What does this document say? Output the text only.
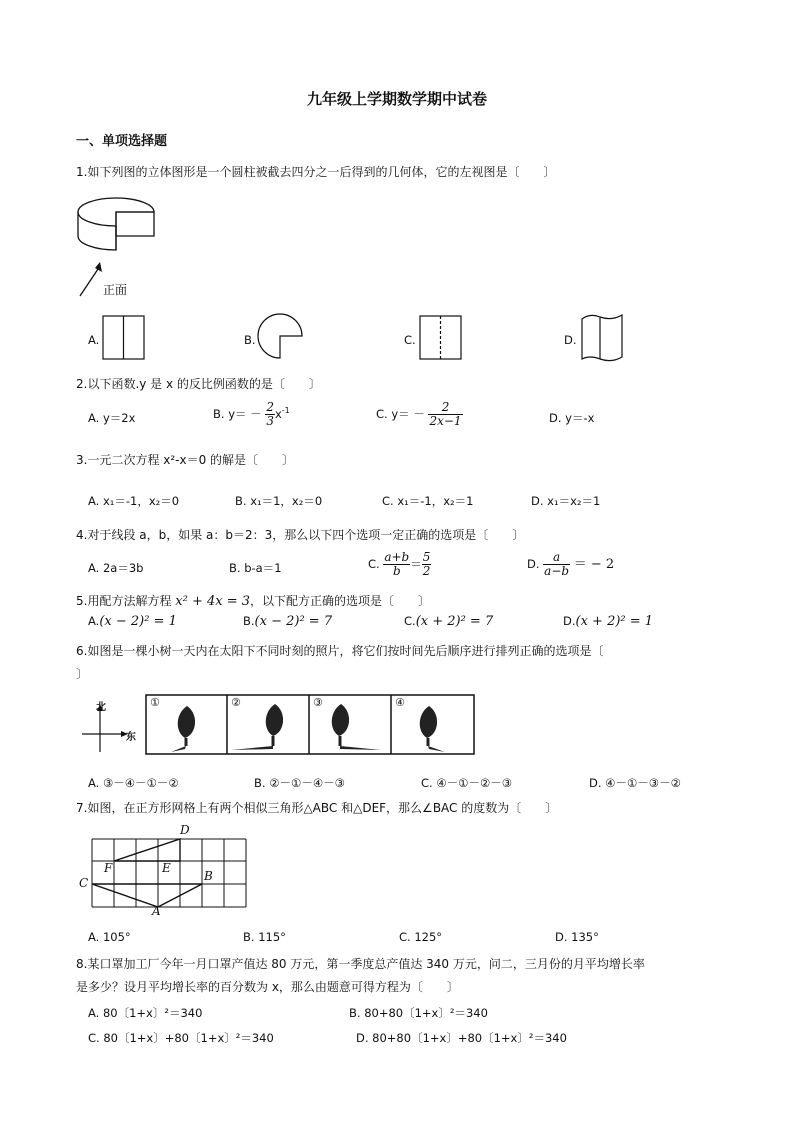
九年级上学期数学期中试卷
一、单项选择题
1.如下列图的立体图形是一个圆柱被截去四分之一后得到的几何体，它的左视图是〔　　〕
正面
A.	B.	C.	D.
2.以下函数.y 是 x 的反比例函数的是〔　　〕
A. y＝2x	B. $y= - \frac{2}{3} x^{-1}$	C. $y= - \frac{2}{2x-1}$	D. y＝-x
3.一元二次方程 x²-x＝0 的解是〔　　〕
A. x₁＝-1，x₂＝0	B. x₁＝1，x₂＝0	C. x₁＝-1，x₂＝1	D. x₁＝x₂＝1
4.对于线段 a，b，如果 a：b＝2：3，那么以下四个选项一定正确的选项是〔　　〕
A. 2a＝3b	B. b-a＝1	C. $\frac{a+b}{b} = \frac{5}{2}$	D. $\frac{a}{a-b}$ ＝ − 2
5.用配方法解方程 x² + 4x = 3，以下配方正确的选项是〔　　〕
A.(x − 2)² = 1	B.(x − 2)² = 7	C.(x + 2)² = 7	D.(x + 2)² = 1
6.如图是一棵小树一天内在太阳下不同时刻的照片，将它们按时间先后顺序进行排列正确的选项是〔
〕
北
东
①	②	③	④
A. ③－④－①－②	B. ②－①－④－③	C. ④－①－②－③	D. ④－①－③－②
7.如图，在正方形网格上有两个相似三角形△ABC 和△DEF，那么∠BAC 的度数为〔　　〕
D
F	E
B
C
A
A. 105°	B. 115°	C. 125°	D. 135°
8.某口罩加工厂今年一月口罩产值达 80 万元，第一季度总产值达 340 万元，问二，三月份的月平均增长率
是多少？设月平均增长率的百分数为 x，那么由题意可得方程为〔　　〕
A. 80〔1+x〕²＝340	B. 80+80〔1+x〕²＝340
C. 80〔1+x〕+80〔1+x〕²＝340	D. 80+80〔1+x〕+80〔1+x〕²＝340
